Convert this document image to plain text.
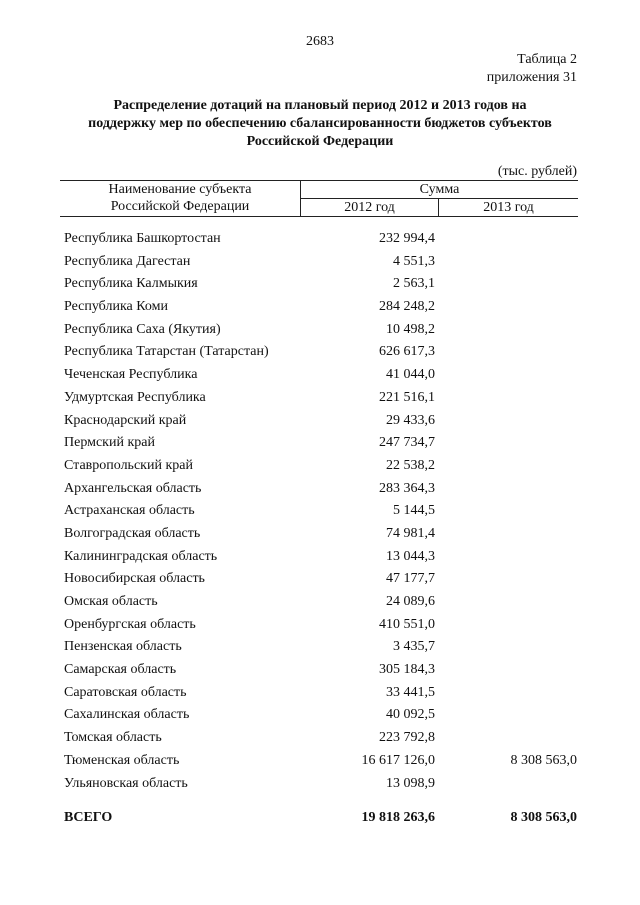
2683
Таблица 2
приложения 31
Распределение дотаций на плановый период 2012 и 2013 годов на
поддержку мер по обеспечению сбалансированности бюджетов субъектов
Российской Федерации
(тыс. рублей)
Наименование субъекта
Российской Федерации
Сумма
2012 год	2013 год
Республика Башкортостан	232 994,4
Республика Дагестан	4 551,3
Республика Калмыкия	2 563,1
Республика Коми	284 248,2
Республика Саха (Якутия)	10 498,2
Республика Татарстан (Татарстан)	626 617,3
Чеченская Республика	41 044,0
Удмуртская Республика	221 516,1
Краснодарский край	29 433,6
Пермский край	247 734,7
Ставропольский край	22 538,2
Архангельская область	283 364,3
Астраханская область	5 144,5
Волгоградская область	74 981,4
Калининградская область	13 044,3
Новосибирская область	47 177,7
Омская область	24 089,6
Оренбургская область	410 551,0
Пензенская область	3 435,7
Самарская область	305 184,3
Саратовская область	33 441,5
Сахалинская область	40 092,5
Томская область	223 792,8
Тюменская область	16 617 126,0	8 308 563,0
Ульяновская область	13 098,9
ВСЕГО	19 818 263,6	8 308 563,0
